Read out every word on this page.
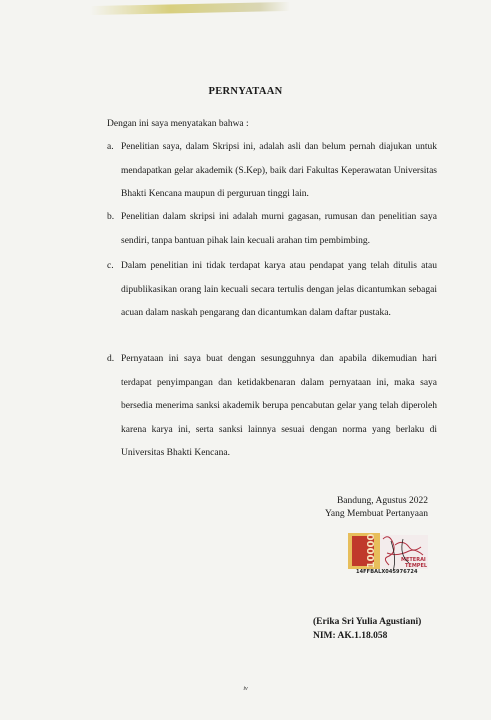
PERNYATAAN
Dengan ini saya menyatakan bahwa :
a. Penelitian saya, dalam Skripsi ini, adalah asli dan belum pernah diajukan untuk mendapatkan gelar akademik (S.Kep), baik dari Fakultas Keperawatan Universitas Bhakti Kencana maupun di perguruan tinggi lain.
b. Penelitian dalam skripsi ini adalah murni gagasan, rumusan dan penelitian saya sendiri, tanpa bantuan pihak lain kecuali arahan tim pembimbing.
c. Dalam penelitian ini tidak terdapat karya atau pendapat yang telah ditulis atau dipublikasikan orang lain kecuali secara tertulis dengan jelas dicantumkan sebagai acuan dalam naskah pengarang dan dicantumkan dalam daftar pustaka.
d. Pernyataan ini saya buat dengan sesungguhnya dan apabila dikemudian hari terdapat penyimpangan dan ketidakbenaran dalam pernyataan ini, maka saya bersedia menerima sanksi akademik berupa pencabutan gelar yang telah diperoleh karena karya ini, serta sanksi lainnya sesuai dengan norma yang berlaku di Universitas Bhakti Kencana.
Bandung, Agustus 2022
Yang Membuat Pertanyaan
10000	METERAI
TEMPEL
14FFBALX045976724
(Erika Sri Yulia Agustiani)
NIM: AK.1.18.058
iv
